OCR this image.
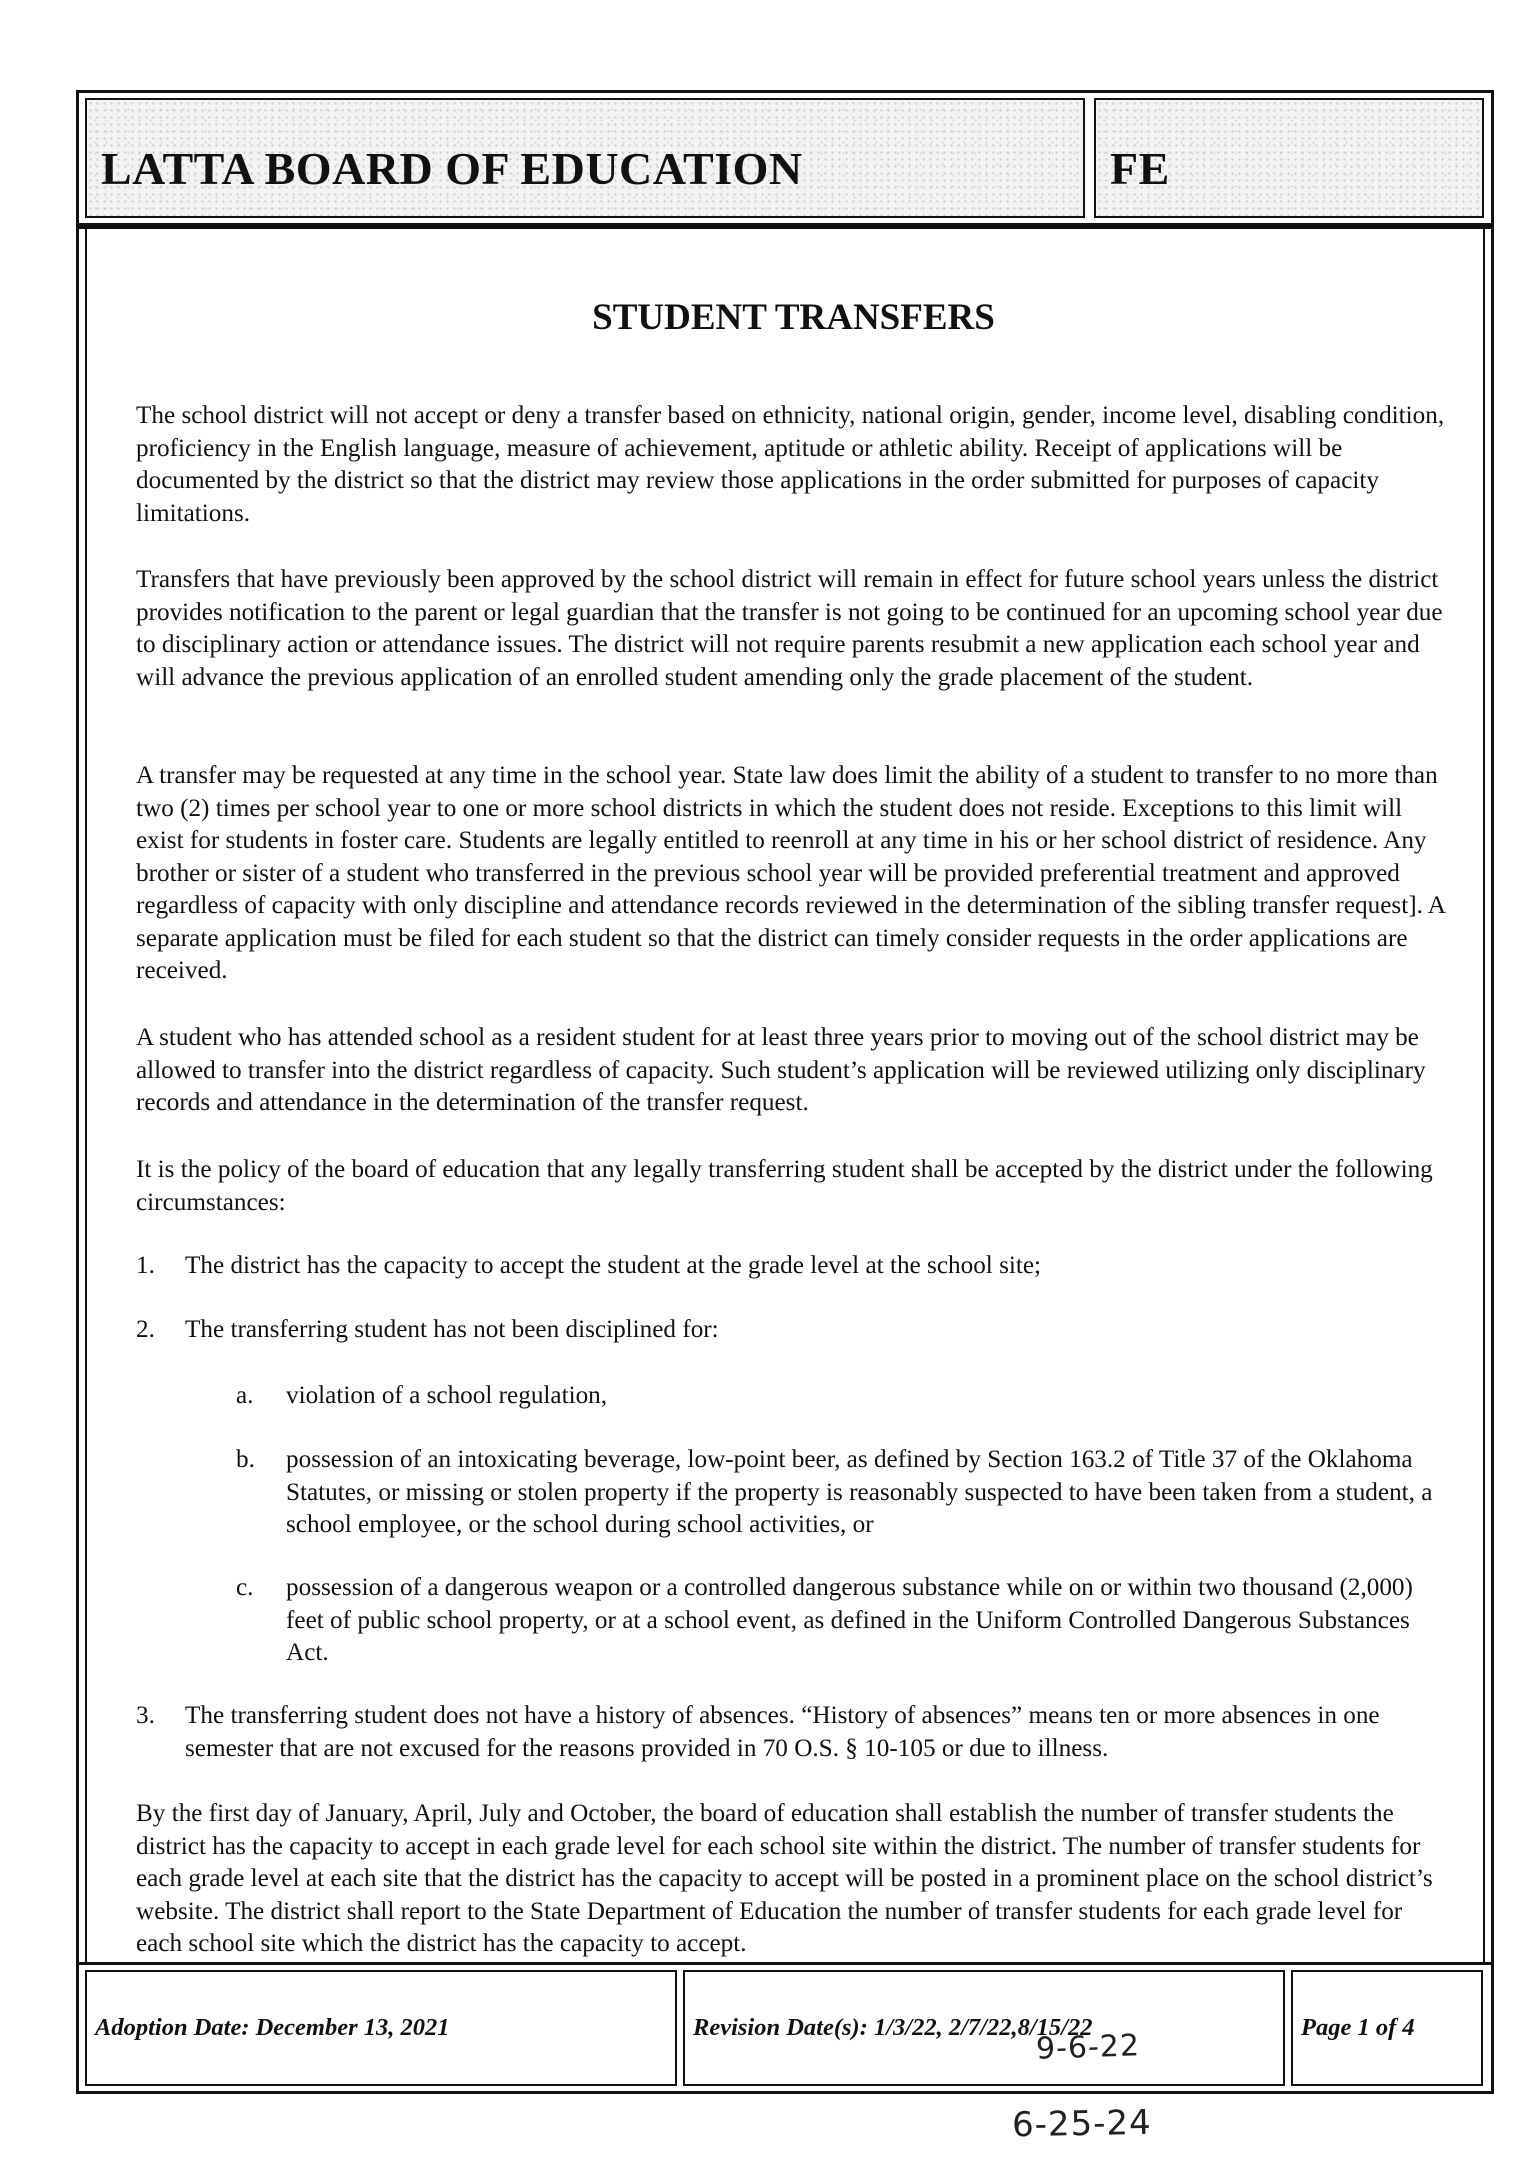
LATTA BOARD OF EDUCATION	FE
STUDENT TRANSFERS
The school district will not accept or deny a transfer based on ethnicity, national origin, gender, income level, disabling condition, proficiency in the English language, measure of achievement, aptitude or athletic ability. Receipt of applications will be documented by the district so that the district may review those applications in the order submitted for purposes of capacity limitations.
Transfers that have previously been approved by the school district will remain in effect for future school years unless the district provides notification to the parent or legal guardian that the transfer is not going to be continued for an upcoming school year due to disciplinary action or attendance issues. The district will not require parents resubmit a new application each school year and will advance the previous application of an enrolled student amending only the grade placement of the student.
A transfer may be requested at any time in the school year. State law does limit the ability of a student to transfer to no more than two (2) times per school year to one or more school districts in which the student does not reside. Exceptions to this limit will exist for students in foster care. Students are legally entitled to reenroll at any time in his or her school district of residence. Any brother or sister of a student who transferred in the previous school year will be provided preferential treatment and approved regardless of capacity with only discipline and attendance records reviewed in the determination of the sibling transfer request]. A separate application must be filed for each student so that the district can timely consider requests in the order applications are received.
A student who has attended school as a resident student for at least three years prior to moving out of the school district may be allowed to transfer into the district regardless of capacity. Such student’s application will be reviewed utilizing only disciplinary records and attendance in the determination of the transfer request.
It is the policy of the board of education that any legally transferring student shall be accepted by the district under the following circumstances:
1. The district has the capacity to accept the student at the grade level at the school site;
2. The transferring student has not been disciplined for:
a. violation of a school regulation,
b. possession of an intoxicating beverage, low-point beer, as defined by Section 163.2 of Title 37 of the Oklahoma Statutes, or missing or stolen property if the property is reasonably suspected to have been taken from a student, a school employee, or the school during school activities, or
c. possession of a dangerous weapon or a controlled dangerous substance while on or within two thousand (2,000) feet of public school property, or at a school event, as defined in the Uniform Controlled Dangerous Substances Act.
3. The transferring student does not have a history of absences. “History of absences” means ten or more absences in one semester that are not excused for the reasons provided in 70 O.S. § 10-105 or due to illness.
By the first day of January, April, July and October, the board of education shall establish the number of transfer students the district has the capacity to accept in each grade level for each school site within the district. The number of transfer students for each grade level at each site that the district has the capacity to accept will be posted in a prominent place on the school district’s website. The district shall report to the State Department of Education the number of transfer students for each grade level for each school site which the district has the capacity to accept.
Adoption Date: December 13, 2021	Revision Date(s): 1/3/22, 2/7/22,8/15/22	Page 1 of 4
9-6-22
6-25-24
